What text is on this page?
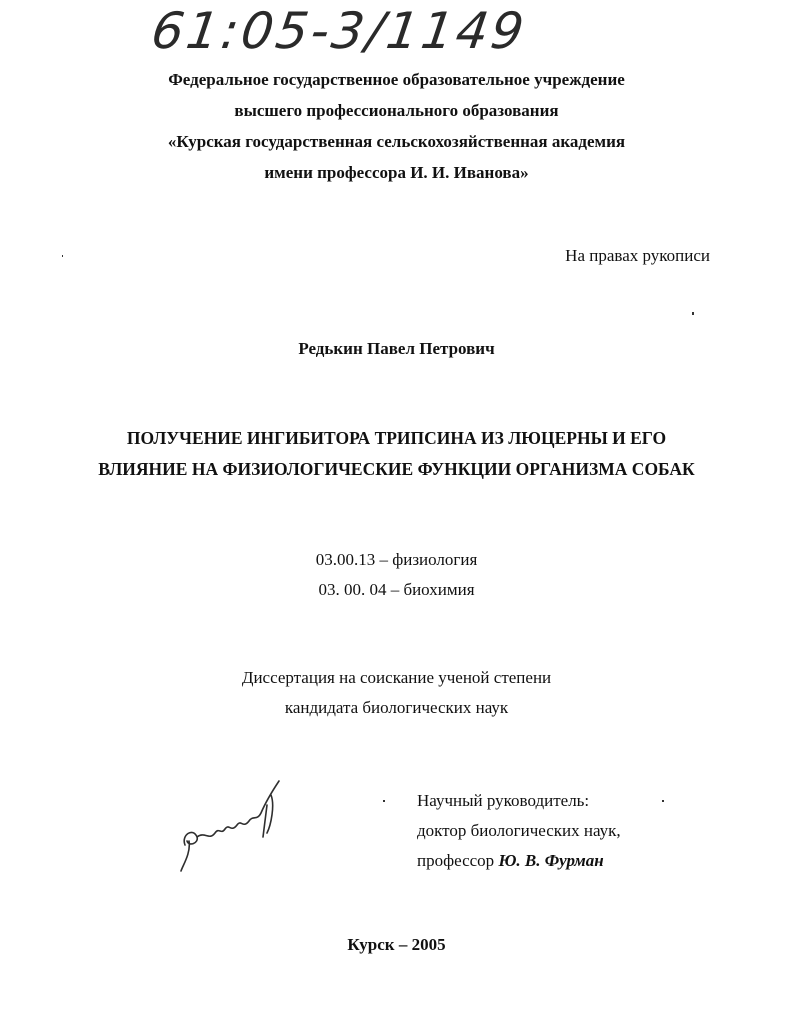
61:05-3/1149
Федеральное государственное образовательное учреждение
высшего профессионального образования
«Курская государственная сельскохозяйственная академия
имени профессора И. И. Иванова»
На правах рукописи
Редькин Павел Петрович
ПОЛУЧЕНИЕ ИНГИБИТОРА ТРИПСИНА ИЗ ЛЮЦЕРНЫ И ЕГО
ВЛИЯНИЕ НА ФИЗИОЛОГИЧЕСКИЕ ФУНКЦИИ ОРГАНИЗМА СОБАК
03.00.13 – физиология
03. 00. 04 – биохимия
Диссертация на соискание ученой степени
кандидата биологических наук
Научный руководитель:
доктор биологических наук,
профессор Ю. В. Фурман
Курск – 2005
